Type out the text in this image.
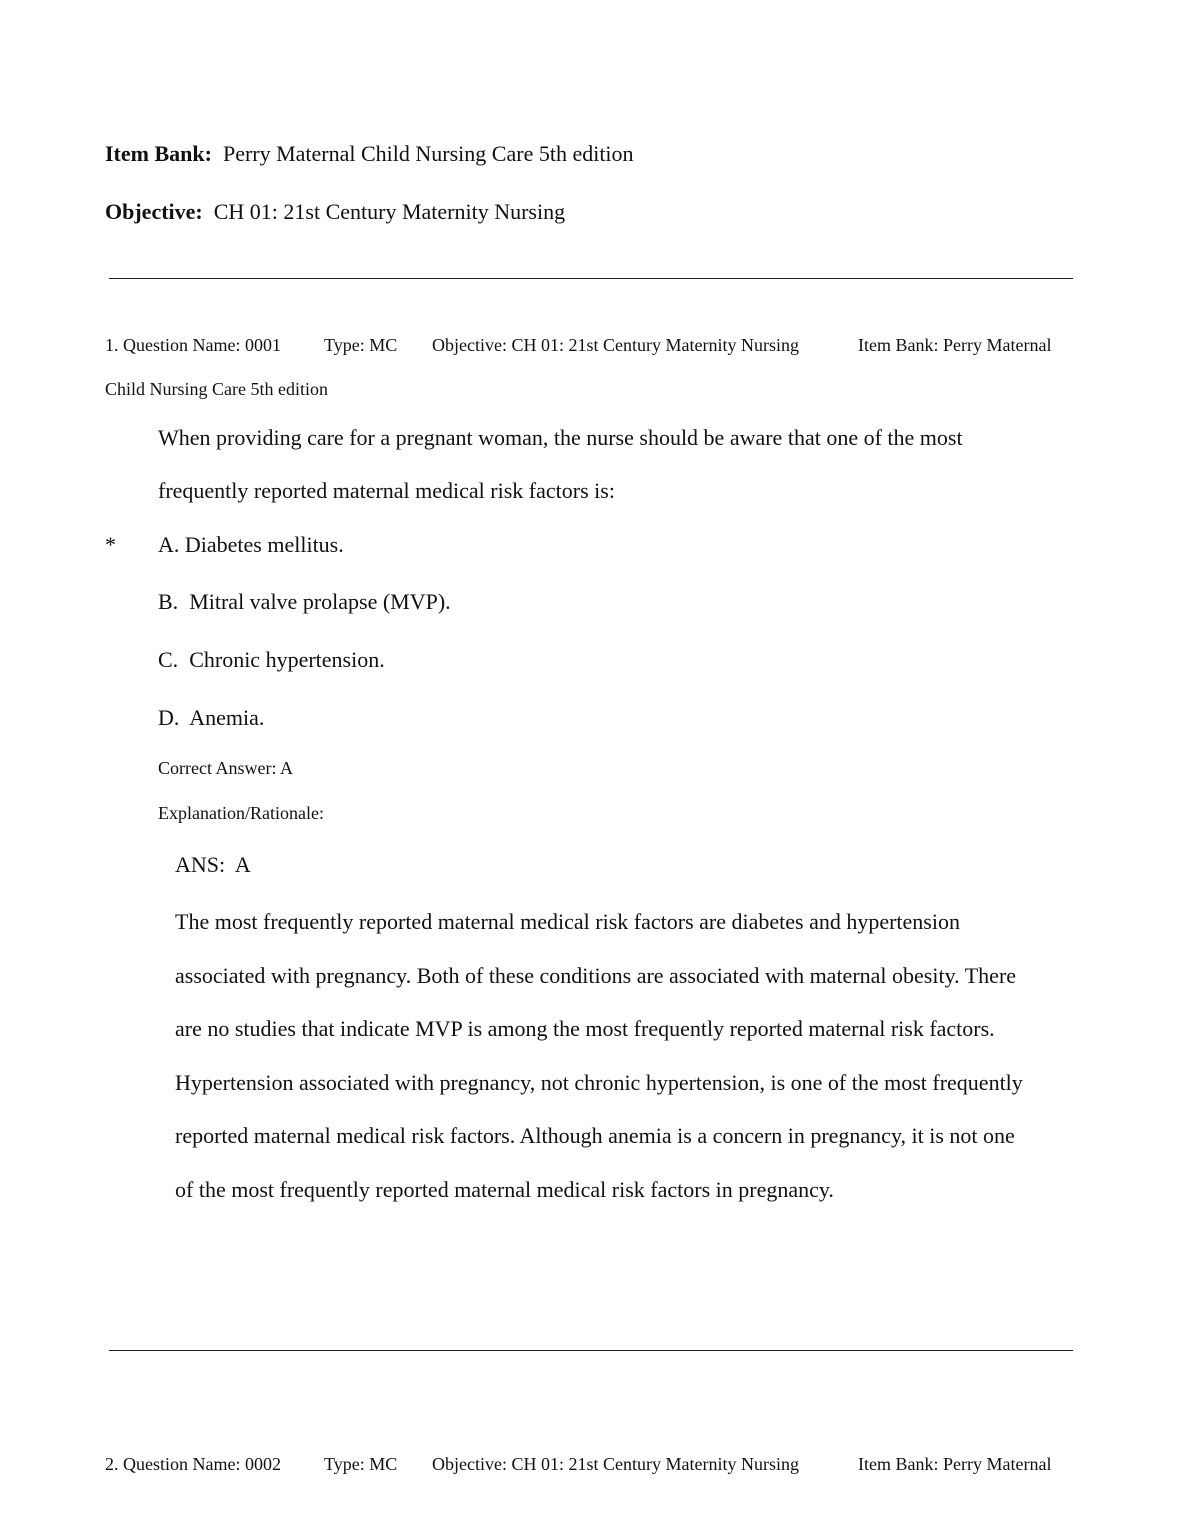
Item Bank: Perry Maternal Child Nursing Care 5th edition
Objective: CH 01: 21st Century Maternity Nursing
1. Question Name: 0001 Type: MC Objective: CH 01: 21st Century Maternity Nursing	Item Bank: Perry Maternal
Child Nursing Care 5th edition
When providing care for a pregnant woman, the nurse should be aware that one of the most
frequently reported maternal medical risk factors is:
* A. Diabetes mellitus.
B. Mitral valve prolapse (MVP).
C. Chronic hypertension.
D. Anemia.
Correct Answer: A
Explanation/Rationale:
ANS:  A

The most frequently reported maternal medical risk factors are diabetes and hypertension

associated with pregnancy. Both of these conditions are associated with maternal obesity. There

are no studies that indicate MVP is among the most frequently reported maternal risk factors.

Hypertension associated with pregnancy, not chronic hypertension, is one of the most frequently

reported maternal medical risk factors. Although anemia is a concern in pregnancy, it is not one

of the most frequently reported maternal medical risk factors in pregnancy.

2. Question Name: 0002 Type: MC Objective: CH 01: 21st Century Maternity Nursing	Item Bank: Perry Maternal
